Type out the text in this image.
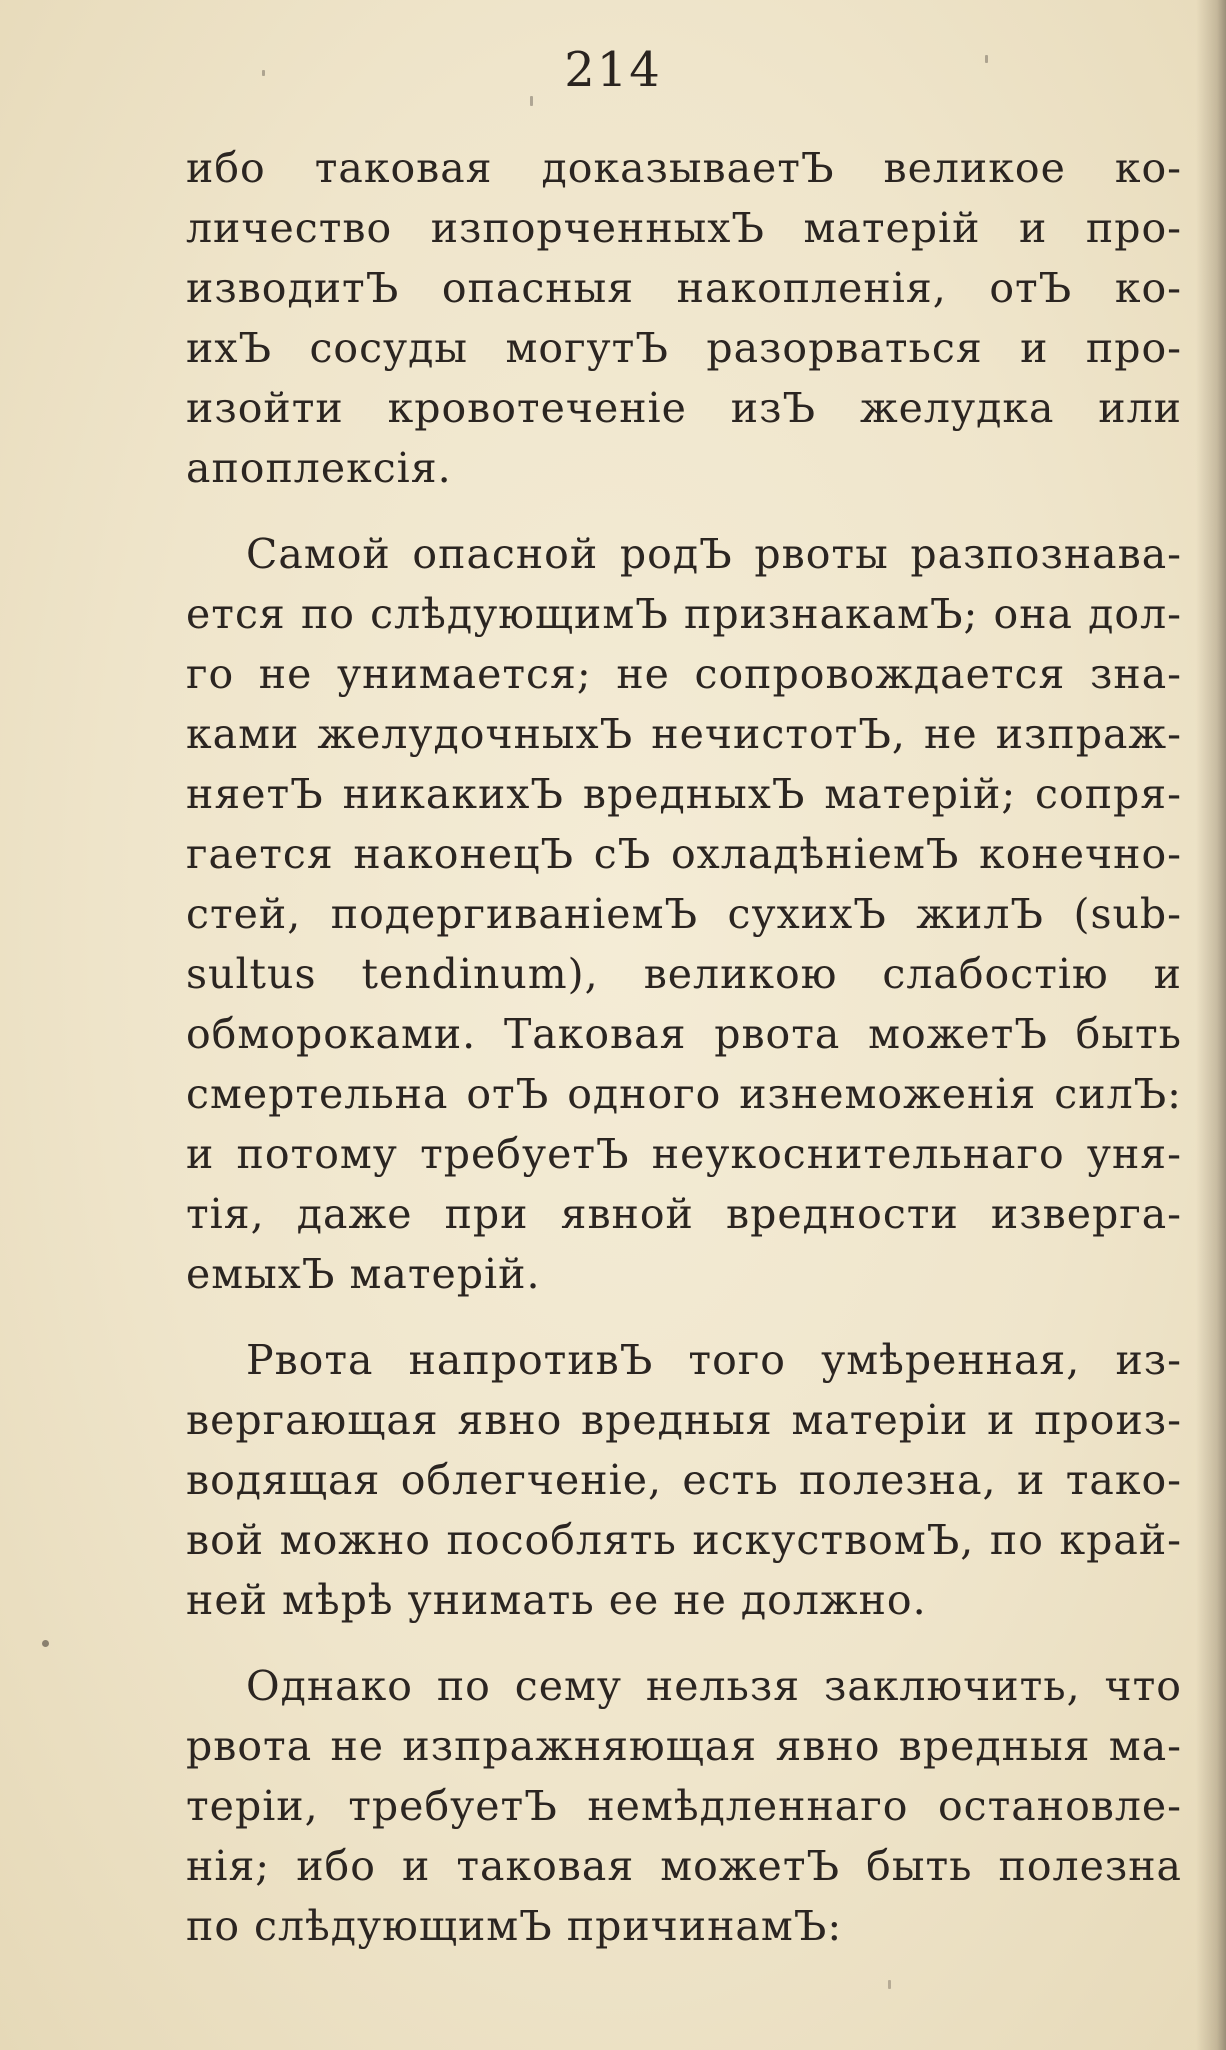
214
ибо таковая доказываетЪ великое ко-
личество изпорченныхЪ матерій и про-
изводитЪ опасныя накопленія, отЪ ко-
ихЪ сосуды могутЪ разорваться и про-
изойти кровотеченіе изЪ желудка или
апоплексія.
Самой опасной родЪ рвоты разпознава-
ется по слѣдующимЪ признакамЪ; она дол-
го не унимается; не сопровождается зна-
ками желудочныхЪ нечистотЪ, не изпраж-
няетЪ никакихЪ вредныхЪ матерій; сопря-
гается наконецЪ сЪ охладѣніемЪ конечно-
стей, подергиваніемЪ сухихЪ жилЪ (sub-
sultus tendinum), великою слабостію и
обмороками. Таковая рвота можетЪ быть
смертельна отЪ одного изнеможенія силЪ:
и потому требуетЪ неукоснительнаго уня-
тія, даже при явной вредности изверга-
емыхЪ матерій.
Рвота напротивЪ того умѣренная, из-
вергающая явно вредныя матеріи и произ-
водящая облегченіе, есть полезна, и тако-
вой можно пособлять искуствомЪ, по край-
ней мѣрѣ унимать ее не должно.
Однако по сему нельзя заключить, что
рвота не изпражняющая явно вредныя ма-
теріи, требуетЪ немѣдленнаго остановле-
нія; ибо и таковая можетЪ быть полезна
по слѣдующимЪ причинамЪ:
